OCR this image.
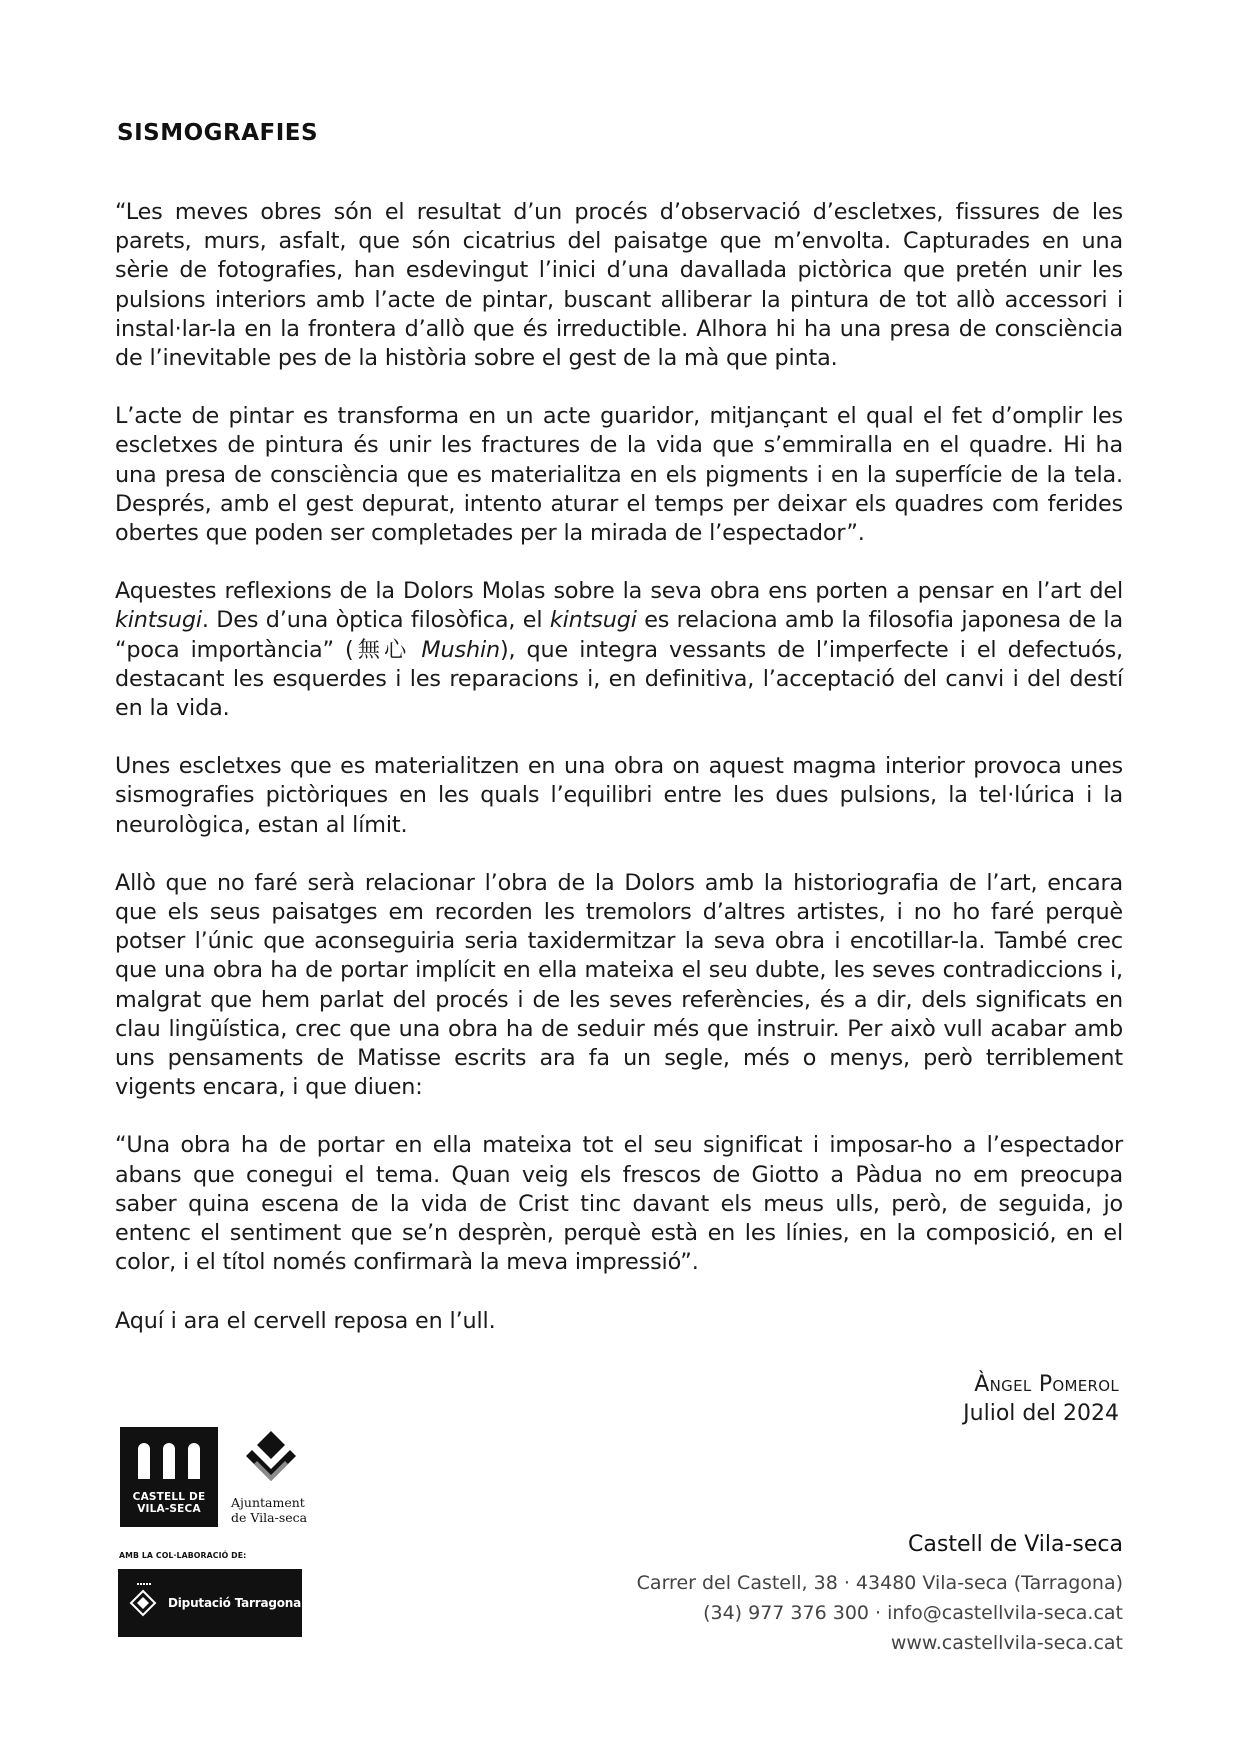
SISMOGRAFIES

“Les meves obres són el resultat d’un procés d’observació d’escletxes, fissures de les parets, murs, asfalt, que són cicatrius del paisatge que m’envolta. Capturades en una sèrie de fotografies, han esdevingut l’inici d’una davallada pictòrica que pretén unir les pulsions interiors amb l’acte de pintar, buscant alliberar la pintura de tot allò accessori i instal·lar-la en la frontera d’allò que és irreductible. Alhora hi ha una presa de consciència de l’inevitable pes de la història sobre el gest de la mà que pinta.

L’acte de pintar es transforma en un acte guaridor, mitjançant el qual el fet d’omplir les escletxes de pintura és unir les fractures de la vida que s’emmiralla en el quadre. Hi ha una presa de consciència que es materialitza en els pigments i en la superfície de la tela. Després, amb el gest depurat, intento aturar el temps per deixar els quadres com ferides obertes que poden ser completades per la mirada de l’espectador”.

Aquestes reflexions de la Dolors Molas sobre la seva obra ens porten a pensar en l’art del kintsugi. Des d’una òptica filosòfica, el kintsugi es relaciona amb la filosofia japonesa de la “poca importància” (無心 Mushin), que integra vessants de l’imperfecte i el defectuós, destacant les esquerdes i les reparacions i, en definitiva, l’acceptació del canvi i del destí en la vida.

Unes escletxes que es materialitzen en una obra on aquest magma interior provoca unes sismografies pictòriques en les quals l’equilibri entre les dues pulsions, la tel·lúrica i la neurològica, estan al límit.

Allò que no faré serà relacionar l’obra de la Dolors amb la historiografia de l’art, encara que els seus paisatges em recorden les tremolors d’altres artistes, i no ho faré perquè potser l’únic que aconseguiria seria taxidermitzar la seva obra i encotillar-la. També crec que una obra ha de portar implícit en ella mateixa el seu dubte, les seves contradiccions i, malgrat que hem parlat del procés i de les seves referències, és a dir, dels significats en clau lingüística, crec que una obra ha de seduir més que instruir. Per això vull acabar amb uns pensaments de Matisse escrits ara fa un segle, més o menys, però terriblement vigents encara, i que diuen:

“Una obra ha de portar en ella mateixa tot el seu significat i imposar-ho a l’espectador abans que conegui el tema. Quan veig els frescos de Giotto a Pàdua no em preocupa saber quina escena de la vida de Crist tinc davant els meus ulls, però, de seguida, jo entenc el sentiment que se’n desprèn, perquè està en les línies, en la composició, en el color, i el títol només confirmarà la meva impressió”.

Aquí i ara el cervell reposa en l’ull.

Àngel Pomerol
Juliol del 2024
CASTELL DE
VILA-SECA	Ajuntament
de Vila-seca
AMB LA COL·LABORACIÓ DE:
Diputació Tarragona
Castell de Vila-seca
Carrer del Castell, 38 · 43480 Vila-seca (Tarragona)
(34) 977 376 300 · info@castellvila-seca.cat
www.castellvila-seca.cat
